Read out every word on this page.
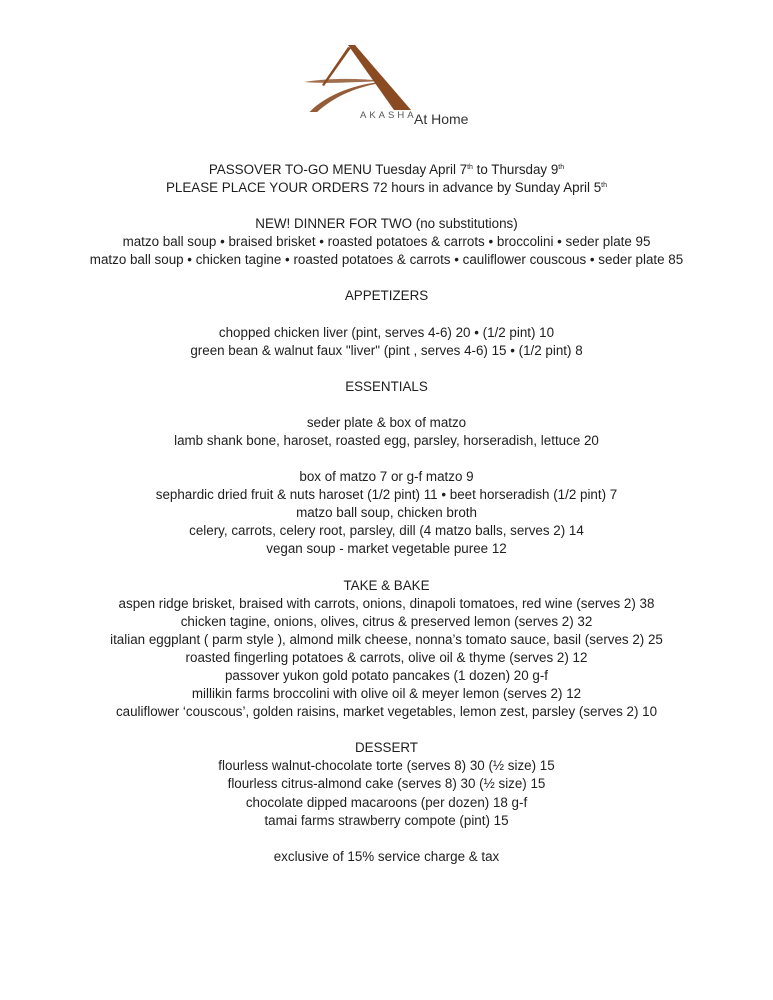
AKASHA
At Home
PASSOVER TO-GO MENU Tuesday April 7th to Thursday 9th
PLEASE PLACE YOUR ORDERS 72 hours in advance by Sunday April 5th
NEW! DINNER FOR TWO (no substitutions)
matzo ball soup • braised brisket • roasted potatoes & carrots • broccolini • seder plate 95
matzo ball soup • chicken tagine • roasted potatoes & carrots • cauliflower couscous • seder plate 85
APPETIZERS
chopped chicken liver (pint, serves 4-6) 20 • (1/2 pint) 10
green bean & walnut faux "liver" (pint , serves 4-6) 15 • (1/2 pint) 8
ESSENTIALS
seder plate & box of matzo
lamb shank bone, haroset, roasted egg, parsley, horseradish, lettuce 20
box of matzo 7 or g-f matzo 9
sephardic dried fruit & nuts haroset (1/2 pint) 11 • beet horseradish (1/2 pint) 7
matzo ball soup, chicken broth
celery, carrots, celery root, parsley, dill (4 matzo balls, serves 2) 14
vegan soup - market vegetable puree 12
TAKE & BAKE
aspen ridge brisket, braised with carrots, onions, dinapoli tomatoes, red wine (serves 2) 38
chicken tagine, onions, olives, citrus & preserved lemon (serves 2) 32
italian eggplant ( parm style ), almond milk cheese, nonna’s tomato sauce, basil (serves 2) 25
roasted fingerling potatoes & carrots, olive oil & thyme (serves 2) 12
passover yukon gold potato pancakes (1 dozen) 20 g-f
millikin farms broccolini with olive oil & meyer lemon (serves 2) 12
cauliflower ‘couscous’, golden raisins, market vegetables, lemon zest, parsley (serves 2) 10
DESSERT
flourless walnut-chocolate torte (serves 8) 30 (½ size) 15
flourless citrus-almond cake (serves 8) 30 (½ size) 15
chocolate dipped macaroons (per dozen) 18 g-f
tamai farms strawberry compote (pint) 15
exclusive of 15% service charge & tax
